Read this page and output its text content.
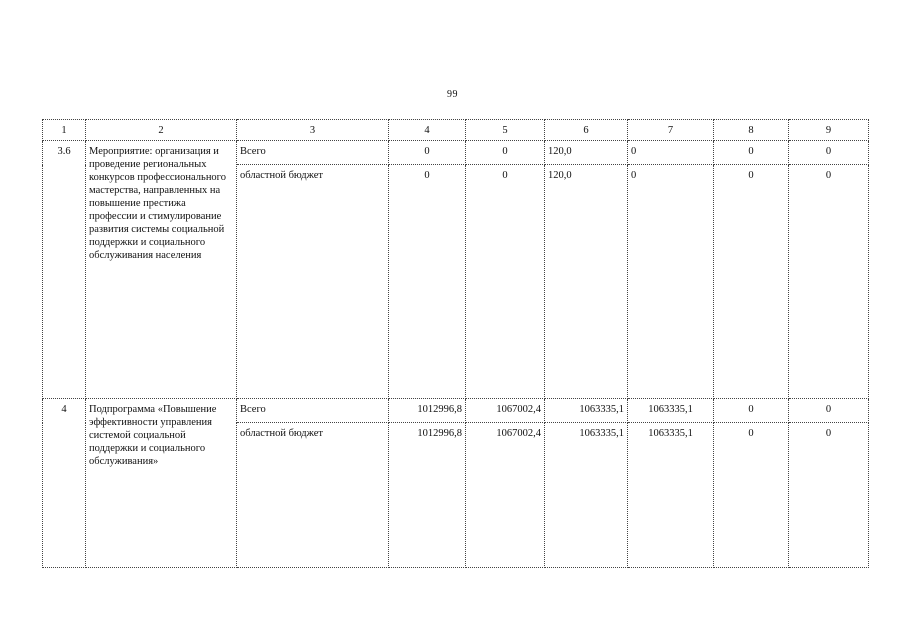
99
1	2	3	4	5	6	7	8	9
3.6	Мероприятие: организация и проведение региональных конкурсов профессионального мастерства, направленных на повышение престижа профессии и стимулирование развития системы социальной поддержки и социального обслуживания населения	Всего	0	0	120,0	0	0	0
		областной бюджет	0	0	120,0	0	0	0
4	Подпрограмма «Повышение эффективности управления системой социальной поддержки и социального обслуживания»	Всего	1012996,8	1067002,4	1063335,1	1063335,1	0	0
		областной бюджет	1012996,8	1067002,4	1063335,1	1063335,1	0	0
